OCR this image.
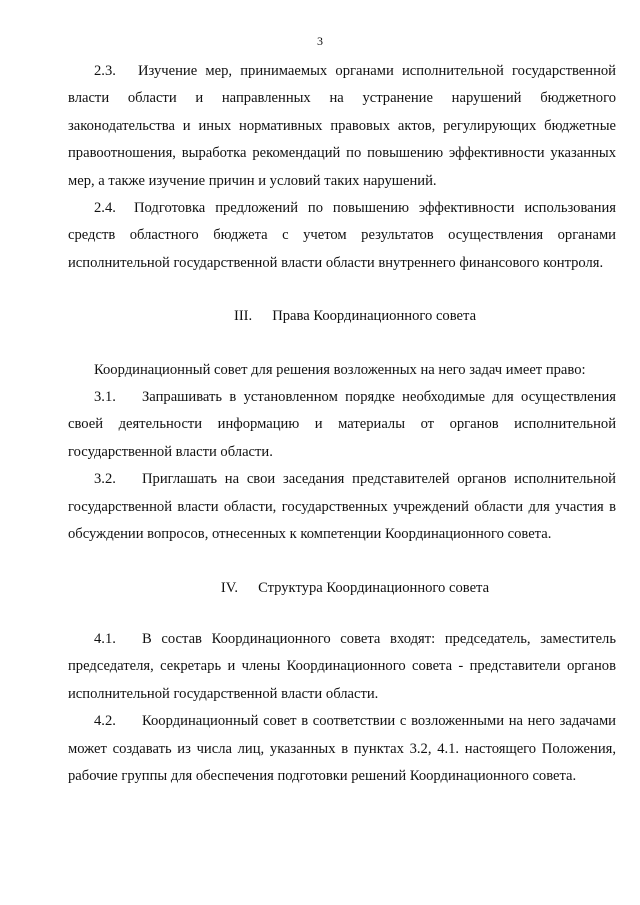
3

2.3. Изучение мер, принимаемых органами исполнительной государственной власти области и направленных на устранение нарушений бюджетного законодательства и иных нормативных правовых актов, регулирующих бюджетные правоотношения, выработка рекомендаций по повышению эффективности указанных мер, а также изучение причин и условий таких нарушений.

2.4. Подготовка предложений по повышению эффективности использования средств областного бюджета с учетом результатов осуществления органами исполнительной государственной власти области внутреннего финансового контроля.

III. Права Координационного совета

Координационный совет для решения возложенных на него задач имеет право:

3.1. Запрашивать в установленном порядке необходимые для осуществления своей деятельности информацию и материалы от органов исполнительной государственной власти области.

3.2. Приглашать на свои заседания представителей органов исполнительной государственной власти области, государственных учреждений области для участия в обсуждении вопросов, отнесенных к компетенции Координационного совета.

IV. Структура Координационного совета

4.1. В состав Координационного совета входят: председатель, заместитель председателя, секретарь и члены Координационного совета - представители органов исполнительной государственной власти области.

4.2. Координационный совет в соответствии с возложенными на него задачами может создавать из числа лиц, указанных в пунктах 3.2, 4.1. настоящего Положения, рабочие группы для обеспечения подготовки решений Координационного совета.
